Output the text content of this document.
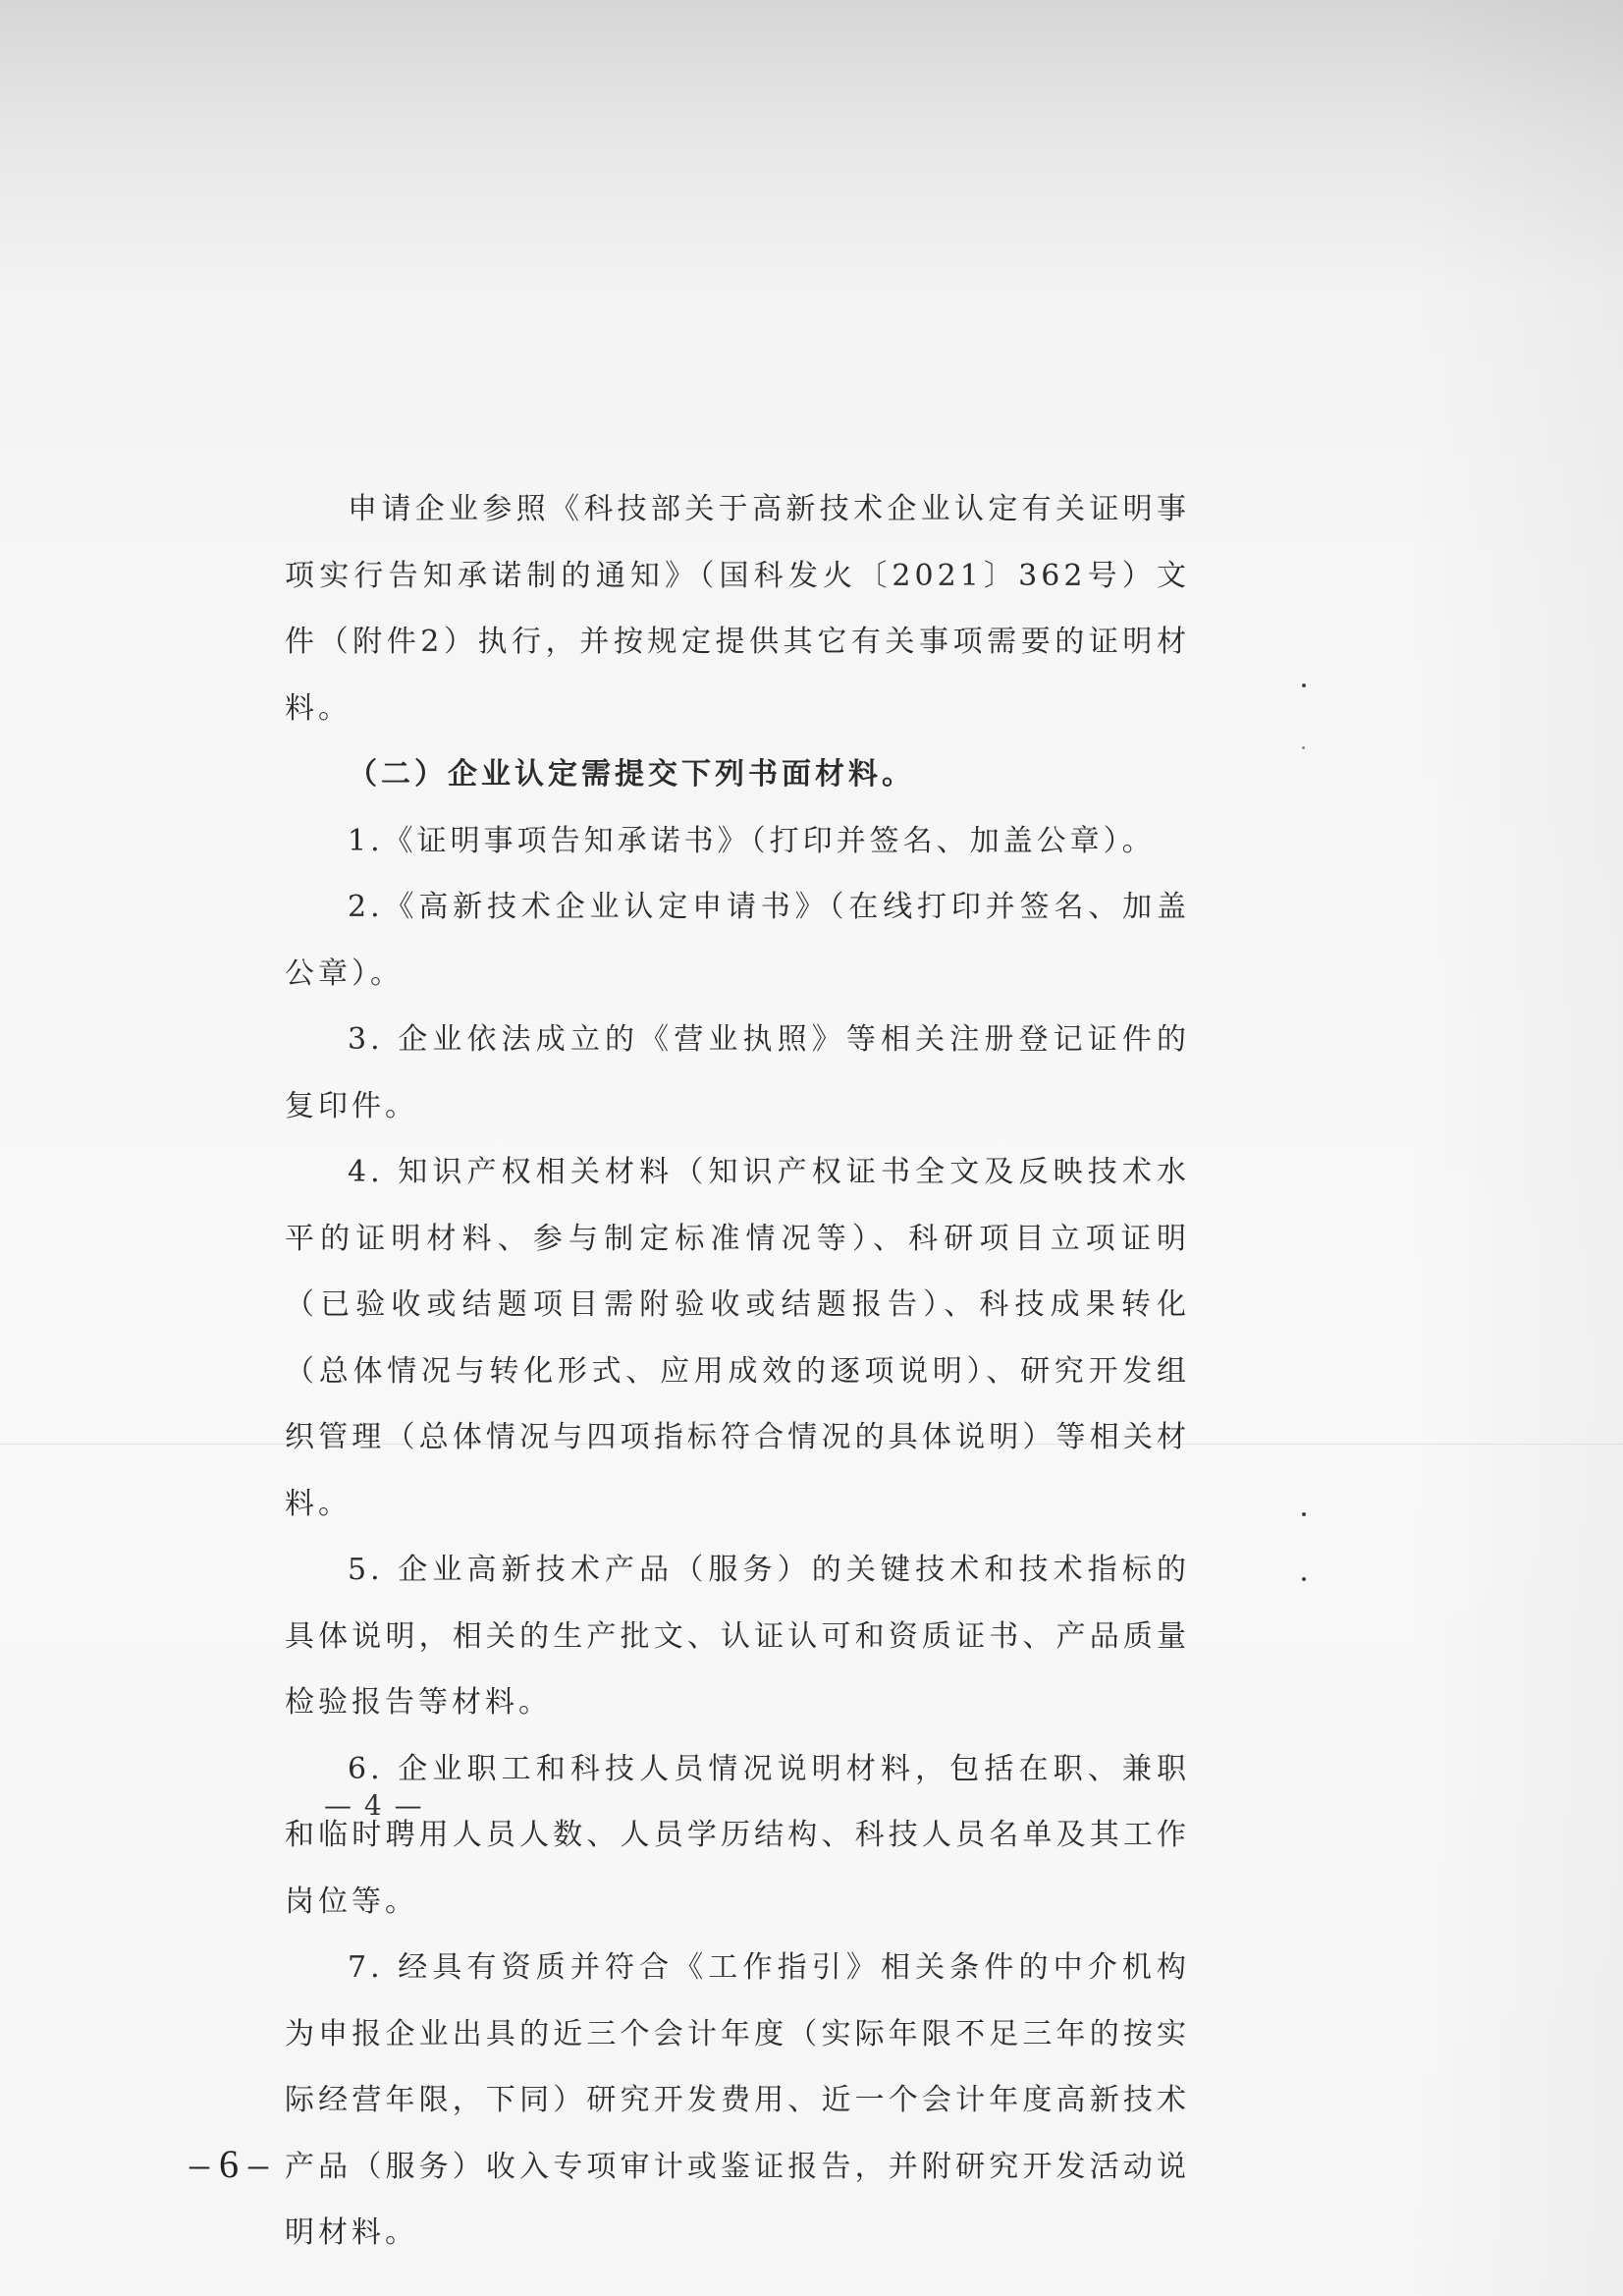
申请企业参照《科技部关于高新技术企业认定有关证明事项实行告知承诺制的通知》（国科发火〔2021〕362号）文件（附件2）执行，并按规定提供其它有关事项需要的证明材料。

（二）企业认定需提交下列书面材料。

1.《证明事项告知承诺书》（打印并签名、加盖公章）。

2.《高新技术企业认定申请书》（在线打印并签名、加盖公章）。

3. 企业依法成立的《营业执照》等相关注册登记证件的复印件。

4. 知识产权相关材料（知识产权证书全文及反映技术水平的证明材料、参与制定标准情况等）、科研项目立项证明（已验收或结题项目需附验收或结题报告）、科技成果转化（总体情况与转化形式、应用成效的逐项说明）、研究开发组织管理（总体情况与四项指标符合情况的具体说明）等相关材料。

5. 企业高新技术产品（服务）的关键技术和技术指标的具体说明，相关的生产批文、认证认可和资质证书、产品质量检验报告等材料。

6. 企业职工和科技人员情况说明材料，包括在职、兼职和临时聘用人员人数、人员学历结构、科技人员名单及其工作岗位等。

7. 经具有资质并符合《工作指引》相关条件的中介机构为申报企业出具的近三个会计年度（实际年限不足三年的按实际经营年限，下同）研究开发费用、近一个会计年度高新技术产品（服务）收入专项审计或鉴证报告，并附研究开发活动说明材料。

— 4 —
– 6 –
